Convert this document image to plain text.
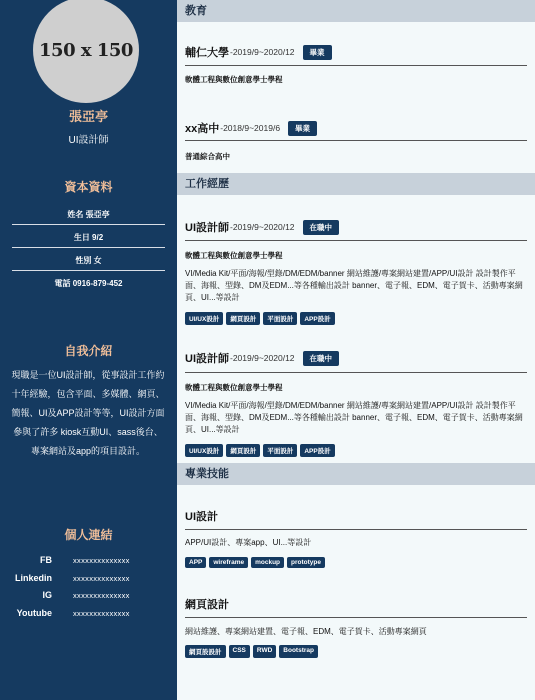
150 x 150
張亞亭
UI設計師
資本資料
姓名 張亞亭
生日 9/2
性別 女
電話 0916-879-452
自我介紹
現職是一位UI設計師，從事設計工作約十年經驗，包含平面、多媒體、網頁、簡報、UI及APP設計等等，UI設計方面參與了許多 kiosk互動UI、sass後台、專案網站及app的項目設計。
個人連結
FB	xxxxxxxxxxxxxx
Linkedin	xxxxxxxxxxxxxx
IG	xxxxxxxxxxxxxx
Youtube	xxxxxxxxxxxxxx
教育
輔仁大學 -2019/9~2020/12	畢業
軟體工程與數位創意學士學程
xx高中 -2018/9~2019/6	畢業
普通綜合高中
工作經歷
UI設計師 -2019/9~2020/12	在職中
軟體工程與數位創意學士學程
VI/Media Kit/平面/海報/型錄/DM/EDM/banner 網站維護/專案網站建置/APP/UI設計 設計製作平面、海報、型錄、DM及EDM...等各種輸出設計 banner、電子報、EDM、電子賀卡、活動專案網頁、UI...等設計
UI/UX設計	網頁設計	平面設計	APP設計
UI設計師 -2019/9~2020/12	在職中
軟體工程與數位創意學士學程
VI/Media Kit/平面/海報/型錄/DM/EDM/banner 網站維護/專案網站建置/APP/UI設計 設計製作平面、海報、型錄、DM及EDM...等各種輸出設計 banner、電子報、EDM、電子賀卡、活動專案網頁、UI...等設計
UI/UX設計	網頁設計	平面設計	APP設計
專業技能
UI設計
APP/UI設計、專案app、UI...等設計
APP	wireframe	mockup	prototype
網頁設計
網站維護、專案網站建置、電子報、EDM、電子賀卡、活動專案網頁
網頁設設計	CSS	RWD	Bootstrap
